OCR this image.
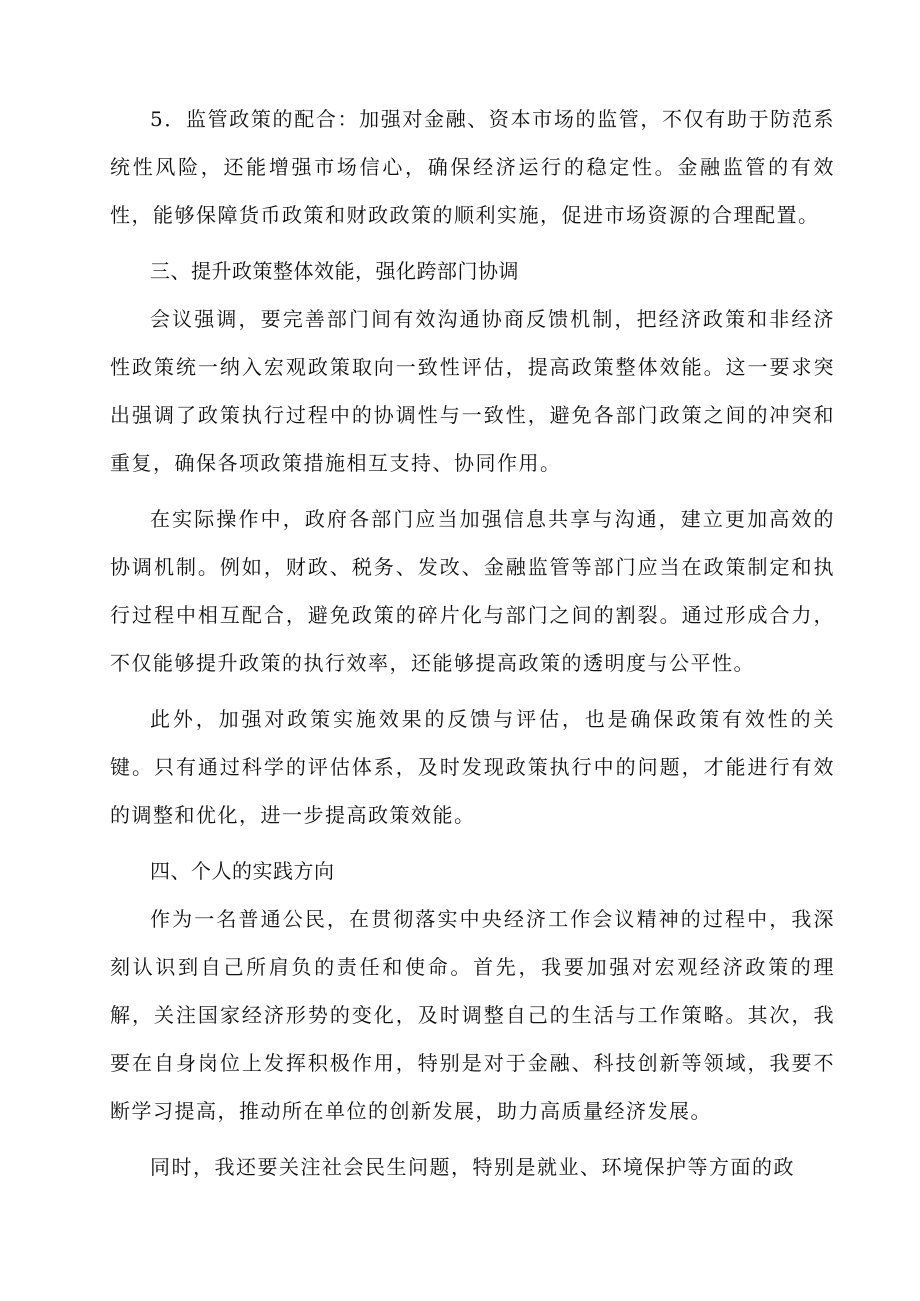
5．监管政策的配合：加强对金融、资本市场的监管，不仅有助于防范系统性风险，还能增强市场信心，确保经济运行的稳定性。金融监管的有效性，能够保障货币政策和财政政策的顺利实施，促进市场资源的合理配置。

三、提升政策整体效能，强化跨部门协调

会议强调，要完善部门间有效沟通协商反馈机制，把经济政策和非经济性政策统一纳入宏观政策取向一致性评估，提高政策整体效能。这一要求突出强调了政策执行过程中的协调性与一致性，避免各部门政策之间的冲突和重复，确保各项政策措施相互支持、协同作用。

在实际操作中，政府各部门应当加强信息共享与沟通，建立更加高效的协调机制。例如，财政、税务、发改、金融监管等部门应当在政策制定和执行过程中相互配合，避免政策的碎片化与部门之间的割裂。通过形成合力，不仅能够提升政策的执行效率，还能够提高政策的透明度与公平性。

此外，加强对政策实施效果的反馈与评估，也是确保政策有效性的关键。只有通过科学的评估体系，及时发现政策执行中的问题，才能进行有效的调整和优化，进一步提高政策效能。

四、个人的实践方向

作为一名普通公民，在贯彻落实中央经济工作会议精神的过程中，我深刻认识到自己所肩负的责任和使命。首先，我要加强对宏观经济政策的理解，关注国家经济形势的变化，及时调整自己的生活与工作策略。其次，我要在自身岗位上发挥积极作用，特别是对于金融、科技创新等领域，我要不断学习提高，推动所在单位的创新发展，助力高质量经济发展。

同时，我还要关注社会民生问题，特别是就业、环境保护等方面的政
